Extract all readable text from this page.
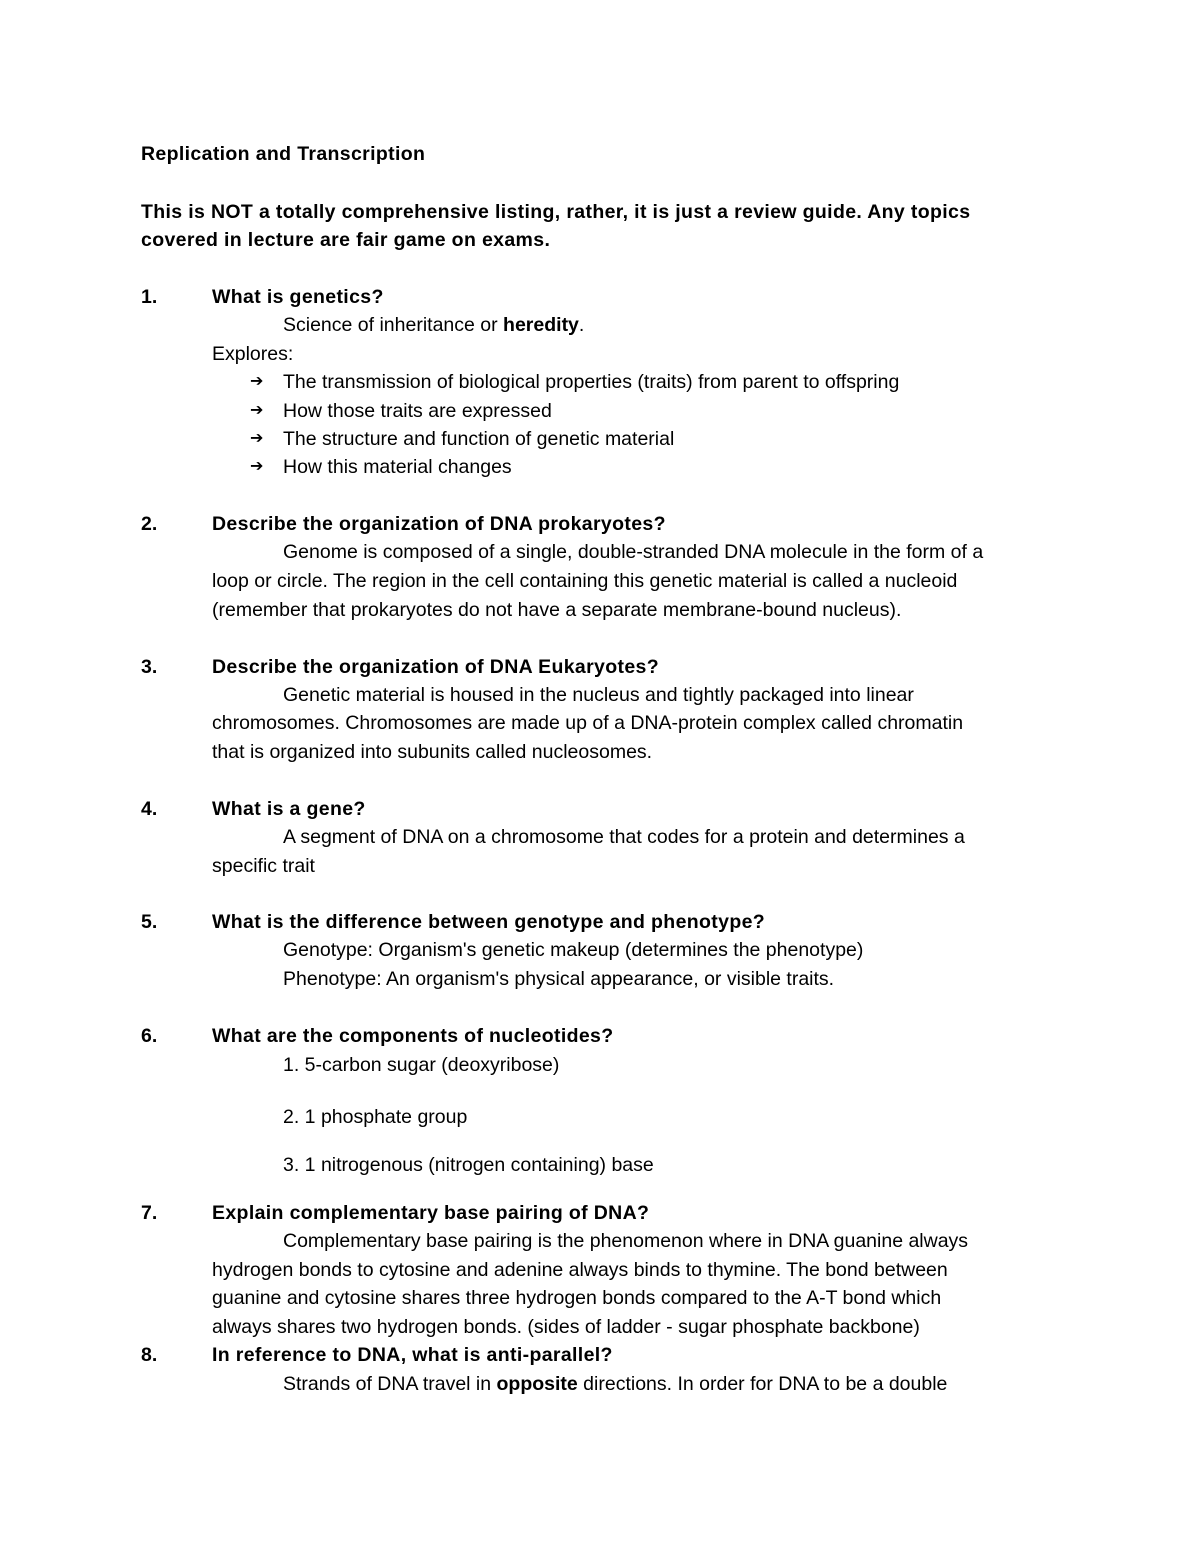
Replication and Transcription
This is NOT a totally comprehensive listing, rather, it is just a review guide. Any topics
covered in lecture are fair game on exams.
1.	What is genetics?
Science of inheritance or heredity.
Explores:
➔ The transmission of biological properties (traits) from parent to offspring
➔ How those traits are expressed
➔ The structure and function of genetic material
➔ How this material changes
2.	Describe the organization of DNA prokaryotes?
Genome is composed of a single, double-stranded DNA molecule in the form of a
loop or circle. The region in the cell containing this genetic material is called a nucleoid
(remember that prokaryotes do not have a separate membrane-bound nucleus).
3.	Describe the organization of DNA Eukaryotes?
Genetic material is housed in the nucleus and tightly packaged into linear
chromosomes. Chromosomes are made up of a DNA-protein complex called chromatin
that is organized into subunits called nucleosomes.
4.	What is a gene?
A segment of DNA on a chromosome that codes for a protein and determines a
specific trait
5.	What is the difference between genotype and phenotype?
Genotype: Organism's genetic makeup (determines the phenotype)
Phenotype: An organism's physical appearance, or visible traits.
6.	What are the components of nucleotides?
1. 5-carbon sugar (deoxyribose)
2. 1 phosphate group
3. 1 nitrogenous (nitrogen containing) base
7.	Explain complementary base pairing of DNA?
Complementary base pairing is the phenomenon where in DNA guanine always
hydrogen bonds to cytosine and adenine always binds to thymine. The bond between
guanine and cytosine shares three hydrogen bonds compared to the A-T bond which
always shares two hydrogen bonds. (sides of ladder - sugar phosphate backbone)
8.	In reference to DNA, what is anti-parallel?
Strands of DNA travel in opposite directions. In order for DNA to be a double
